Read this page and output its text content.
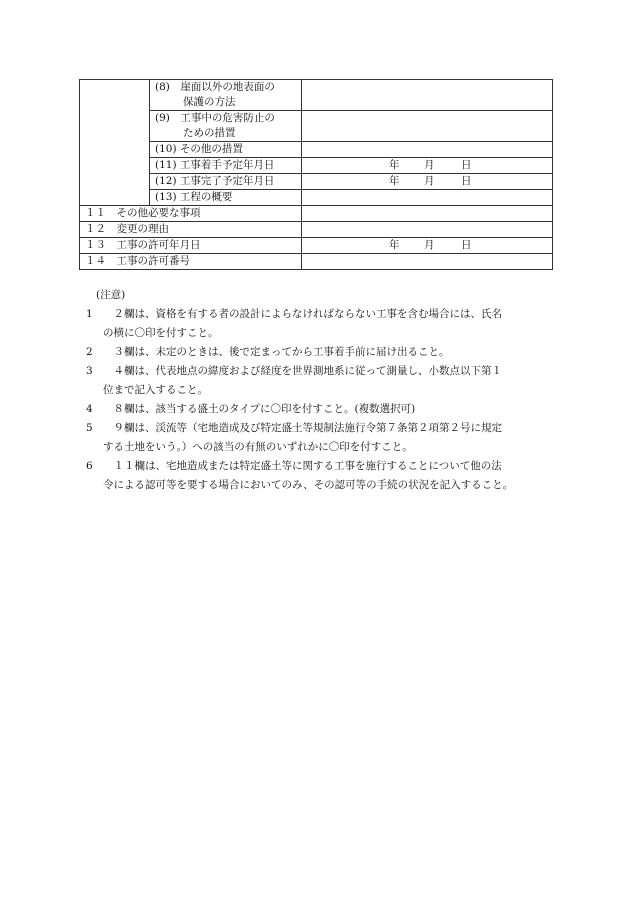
	(8)　崖面以外の地表面の
保護の方法	

	(9)　工事中の危害防止の
ための措置	

	(10) その他の措置	
	(11) 工事着手予定年月日	年 月 日

	(12) 工事完了予定年月日	年 月 日

	(13) 工程の概要	
１１　その他必要な事項		
１２　変更の理由		
１３　工事の許可年月日		年 月 日

１４　工事の許可番号		
(注意)
1 　２欄は、資格を有する者の設計によらなければならない工事を含む場合には、氏名
の横に〇印を付すこと。
2 　３欄は、未定のときは、後で定まってから工事着手前に届け出ること。
3 　４欄は、代表地点の緯度および経度を世界測地系に従って測量し、小数点以下第１
位まで記入すること。
4 　８欄は、該当する盛土のタイプに〇印を付すこと。(複数選択可)
5 　９欄は、渓流等（宅地造成及び特定盛土等規制法施行令第７条第２項第２号に規定
する土地をいう。）への該当の有無のいずれかに〇印を付すこと。
6 　１１欄は、宅地造成または特定盛土等に関する工事を施行することについて他の法
令による認可等を要する場合においてのみ、その認可等の手続の状況を記入すること。
